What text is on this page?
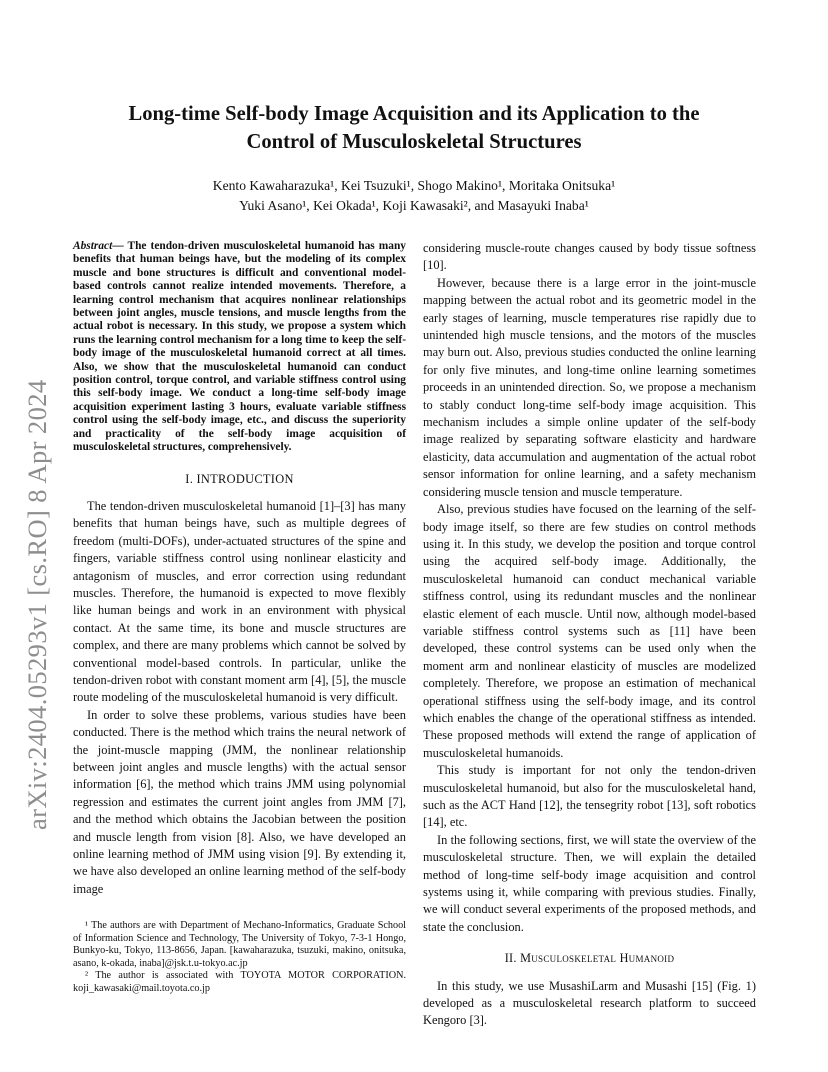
arXiv:2404.05293v1 [cs.RO] 8 Apr 2024
Long-time Self-body Image Acquisition and its Application to the
Control of Musculoskeletal Structures
Kento Kawaharazuka¹, Kei Tsuzuki¹, Shogo Makino¹, Moritaka Onitsuka¹
Yuki Asano¹, Kei Okada¹, Koji Kawasaki², and Masayuki Inaba¹

Abstract— The tendon-driven musculoskeletal humanoid has many benefits that human beings have, but the modeling of its complex muscle and bone structures is difficult and conventional model-based controls cannot realize intended movements. Therefore, a learning control mechanism that acquires nonlinear relationships between joint angles, muscle tensions, and muscle lengths from the actual robot is necessary. In this study, we propose a system which runs the learning control mechanism for a long time to keep the self-body image of the musculoskeletal humanoid correct at all times. Also, we show that the musculoskeletal humanoid can conduct position control, torque control, and variable stiffness control using this self-body image. We conduct a long-time self-body image acquisition experiment lasting 3 hours, evaluate variable stiffness control using the self-body image, etc., and discuss the superiority and practicality of the self-body image acquisition of musculoskeletal structures, comprehensively.

I. INTRODUCTION

The tendon-driven musculoskeletal humanoid [1]–[3] has many benefits that human beings have, such as multiple degrees of freedom (multi-DOFs), under-actuated structures of the spine and fingers, variable stiffness control using nonlinear elasticity and antagonism of muscles, and error correction using redundant muscles. Therefore, the humanoid is expected to move flexibly like human beings and work in an environment with physical contact. At the same time, its bone and muscle structures are complex, and there are many problems which cannot be solved by conventional model-based controls. In particular, unlike the tendon-driven robot with constant moment arm [4], [5], the muscle route modeling of the musculoskeletal humanoid is very difficult.

In order to solve these problems, various studies have been conducted. There is the method which trains the neural network of the joint-muscle mapping (JMM, the nonlinear relationship between joint angles and muscle lengths) with the actual sensor information [6], the method which trains JMM using polynomial regression and estimates the current joint angles from JMM [7], and the method which obtains the Jacobian between the position and muscle length from vision [8]. Also, we have developed an online learning method of JMM using vision [9]. By extending it, we have also developed an online learning method of the self-body image

considering muscle-route changes caused by body tissue softness [10].

However, because there is a large error in the joint-muscle mapping between the actual robot and its geometric model in the early stages of learning, muscle temperatures rise rapidly due to unintended high muscle tensions, and the motors of the muscles may burn out. Also, previous studies conducted the online learning for only five minutes, and long-time online learning sometimes proceeds in an unintended direction. So, we propose a mechanism to stably conduct long-time self-body image acquisition. This mechanism includes a simple online updater of the self-body image realized by separating software elasticity and hardware elasticity, data accumulation and augmentation of the actual robot sensor information for online learning, and a safety mechanism considering muscle tension and muscle temperature.

Also, previous studies have focused on the learning of the self-body image itself, so there are few studies on control methods using it. In this study, we develop the position and torque control using the acquired self-body image. Additionally, the musculoskeletal humanoid can conduct mechanical variable stiffness control, using its redundant muscles and the nonlinear elastic element of each muscle. Until now, although model-based variable stiffness control systems such as [11] have been developed, these control systems can be used only when the moment arm and nonlinear elasticity of muscles are modelized completely. Therefore, we propose an estimation of mechanical operational stiffness using the self-body image, and its control which enables the change of the operational stiffness as intended. These proposed methods will extend the range of application of musculoskeletal humanoids.

This study is important for not only the tendon-driven musculoskeletal humanoid, but also for the musculoskeletal hand, such as the ACT Hand [12], the tensegrity robot [13], soft robotics [14], etc.

In the following sections, first, we will state the overview of the musculoskeletal structure. Then, we will explain the detailed method of long-time self-body image acquisition and control systems using it, while comparing with previous studies. Finally, we will conduct several experiments of the proposed methods, and state the conclusion.

II. Musculoskeletal Humanoid

In this study, we use MusashiLarm and Musashi [15] (Fig. 1) developed as a musculoskeletal research platform to succeed Kengoro [3].

¹ The authors are with Department of Mechano-Informatics, Graduate School of Information Science and Technology, The University of Tokyo, 7-3-1 Hongo, Bunkyo-ku, Tokyo, 113-8656, Japan. [kawaharazuka, tsuzuki, makino, onitsuka, asano, k-okada, inaba]@jsk.t.u-tokyo.ac.jp

² The author is associated with TOYOTA MOTOR CORPORATION. koji_kawasaki@mail.toyota.co.jp
